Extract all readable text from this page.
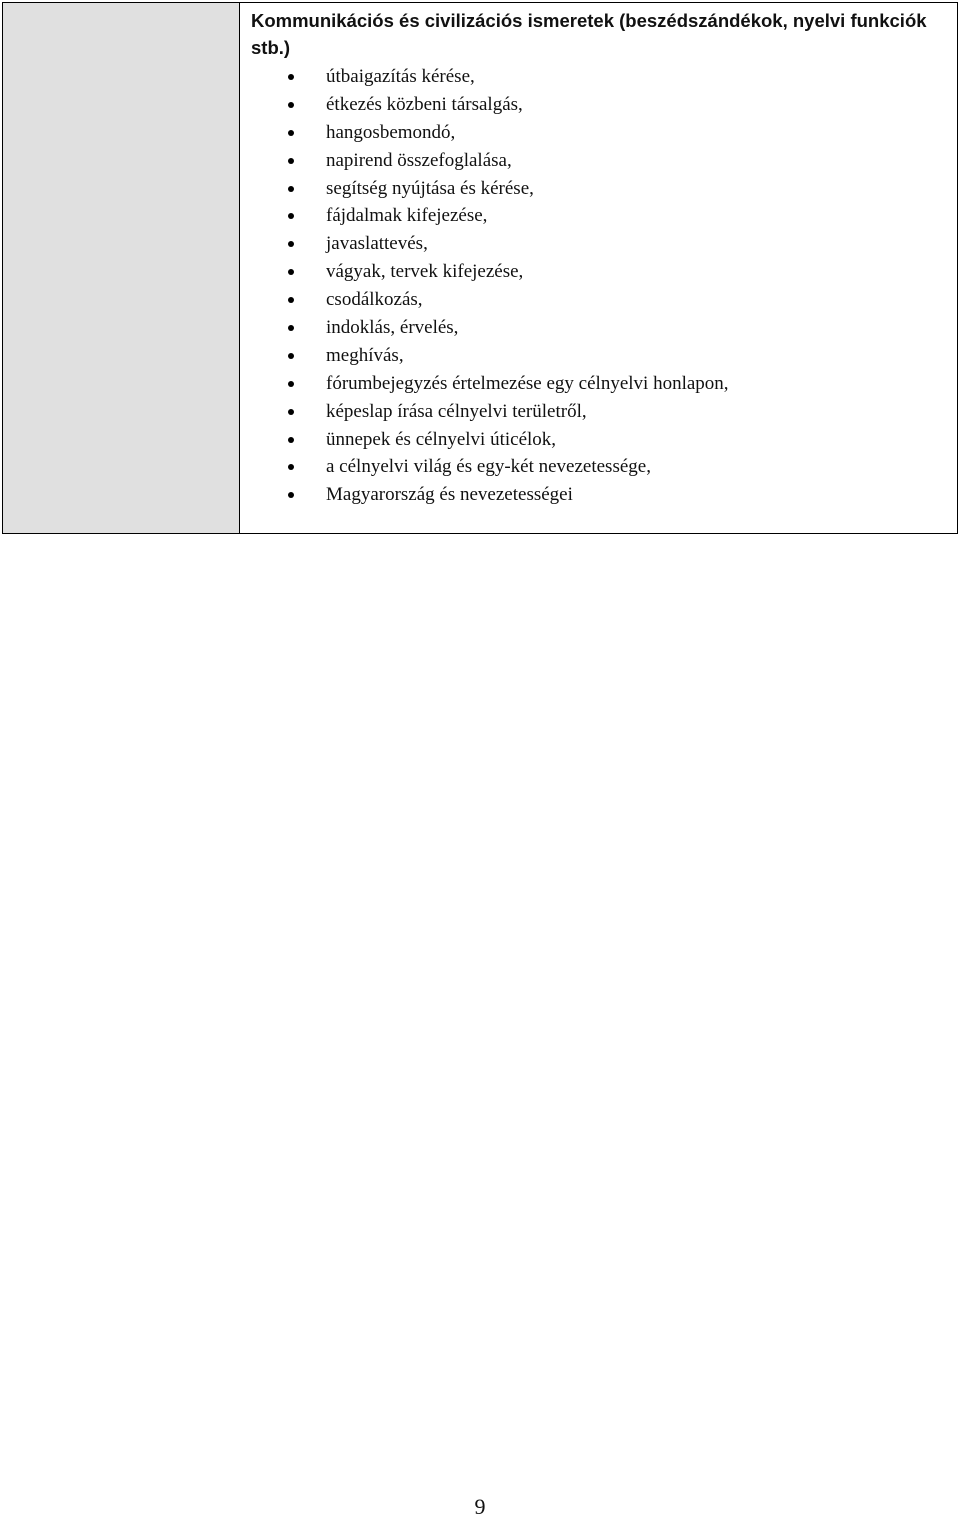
Kommunikációs és civilizációs ismeretek (beszédszándékok, nyelvi funkciók stb.)

útbaigazítás kérése,
étkezés közbeni társalgás,
hangosbemondó,
napirend összefoglalása,
segítség nyújtása és kérése,
fájdalmak kifejezése,
javaslattevés,
vágyak, tervek kifejezése,
csodálkozás,
indoklás, érvelés,
meghívás,
fórumbejegyzés értelmezése egy célnyelvi honlapon,
képeslap írása célnyelvi területről,
ünnepek és célnyelvi úticélok,
a célnyelvi világ és egy-két nevezetessége,
Magyarország és nevezetességei
9
